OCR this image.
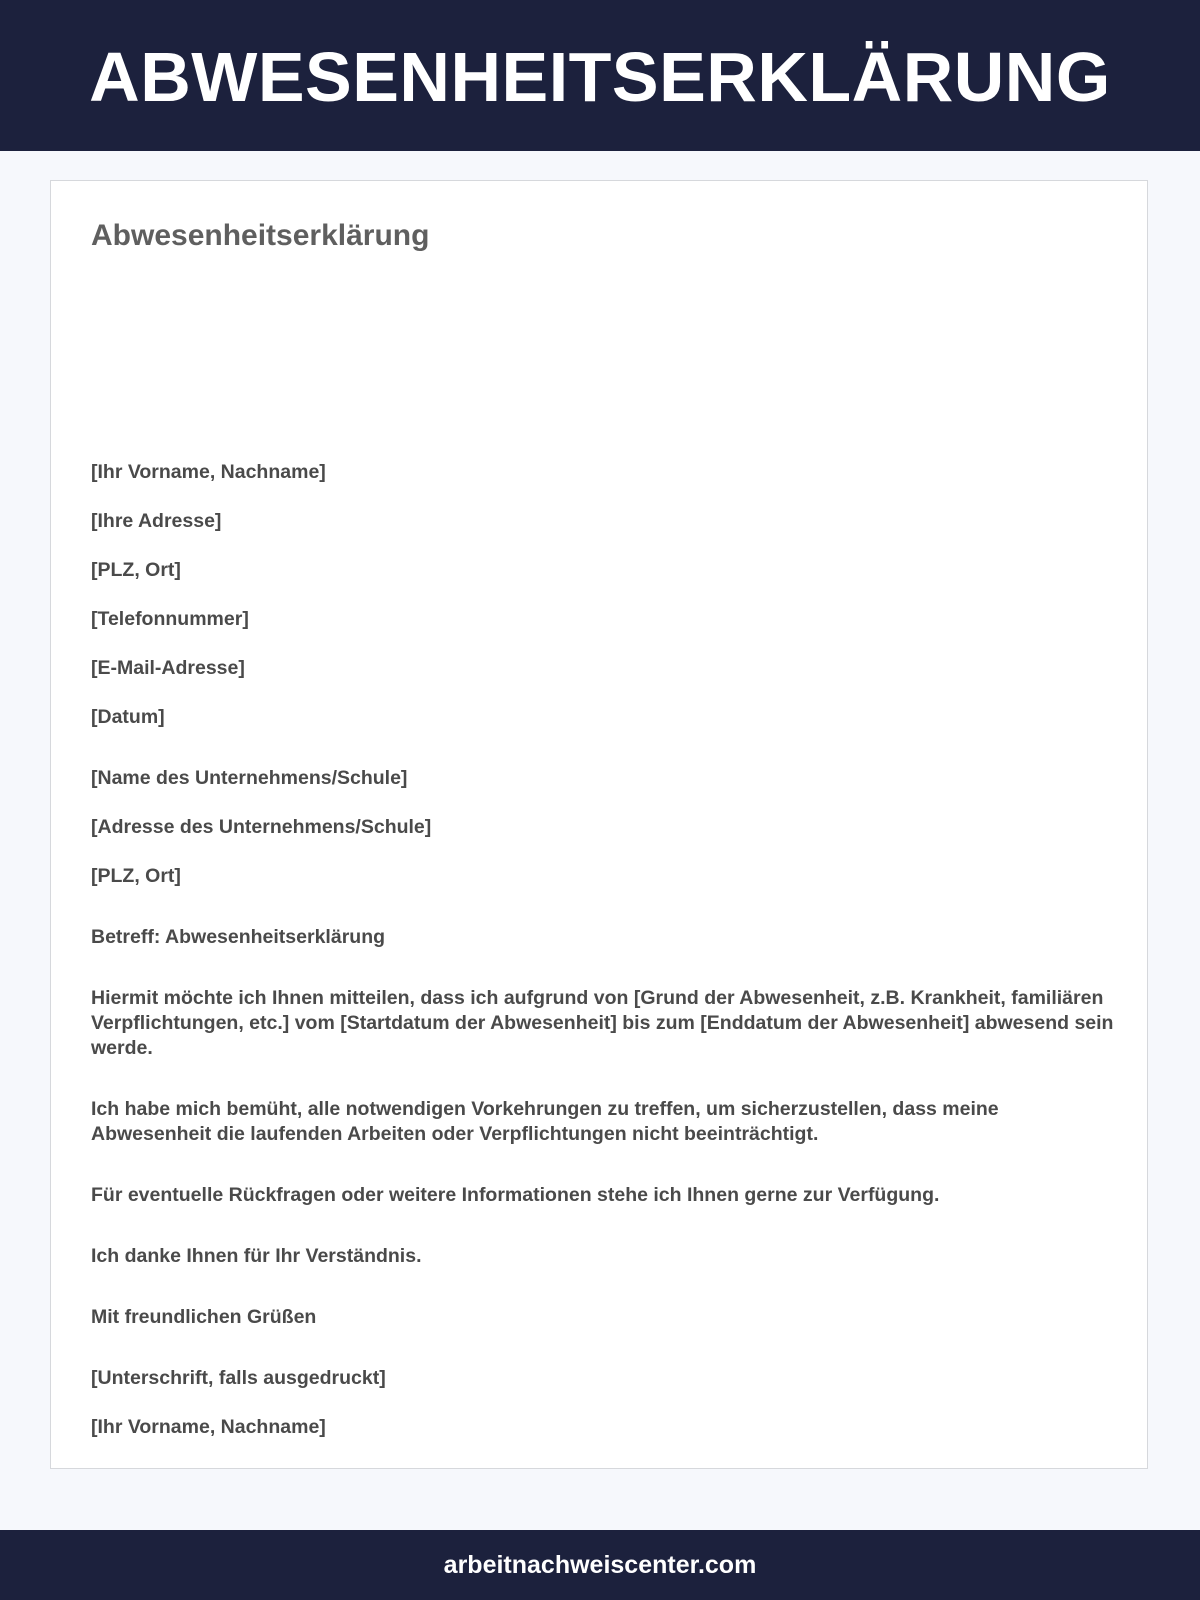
ABWESENHEITSERKLÄRUNG
Abwesenheitserklärung
[Ihr Vorname, Nachname]
[Ihre Adresse]
[PLZ, Ort]
[Telefonnummer]
[E-Mail-Adresse]
[Datum]
[Name des Unternehmens/Schule]
[Adresse des Unternehmens/Schule]
[PLZ, Ort]
Betreff: Abwesenheitserklärung
Hiermit möchte ich Ihnen mitteilen, dass ich aufgrund von [Grund der Abwesenheit, z.B. Krankheit, familiären Verpflichtungen, etc.] vom [Startdatum der Abwesenheit] bis zum [Enddatum der Abwesenheit] abwesend sein werde.
Ich habe mich bemüht, alle notwendigen Vorkehrungen zu treffen, um sicherzustellen, dass meine Abwesenheit die laufenden Arbeiten oder Verpflichtungen nicht beeinträchtigt.
Für eventuelle Rückfragen oder weitere Informationen stehe ich Ihnen gerne zur Verfügung.
Ich danke Ihnen für Ihr Verständnis.
Mit freundlichen Grüßen
[Unterschrift, falls ausgedruckt]
[Ihr Vorname, Nachname]
arbeitnachweiscenter.com
